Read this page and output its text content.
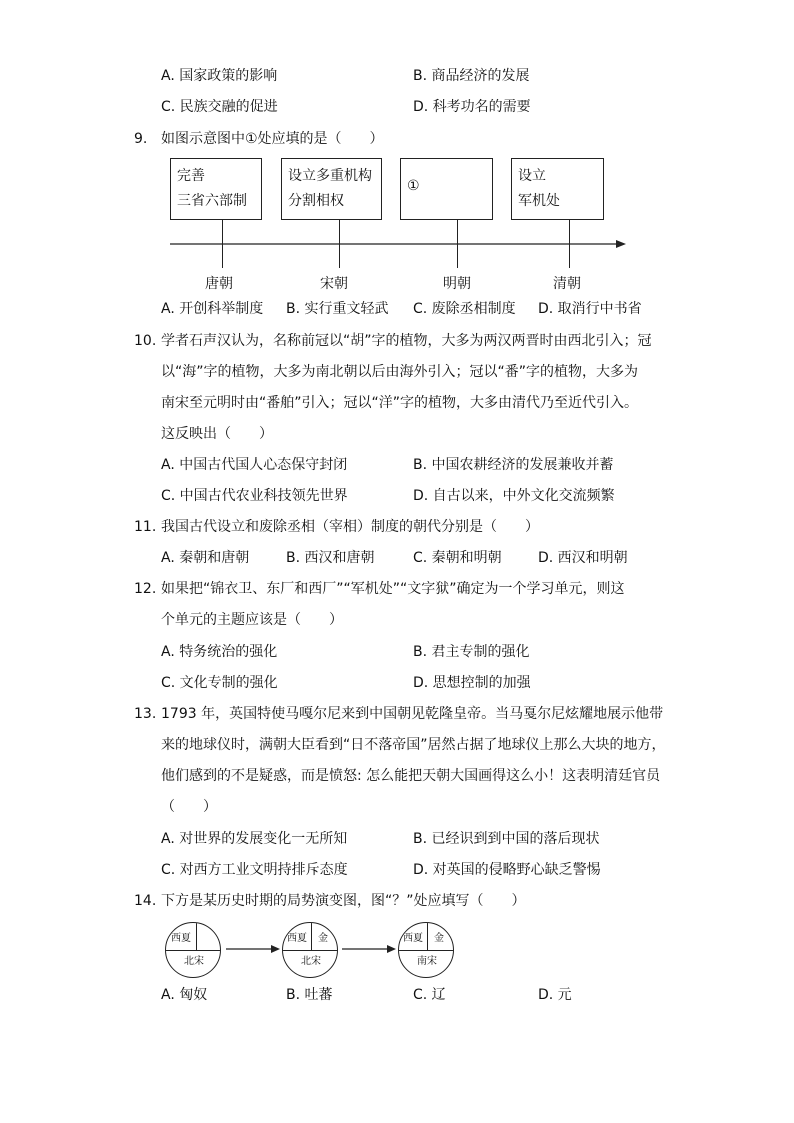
A. 国家政策的影响	B. 商品经济的发展
C. 民族交融的促进	D. 科考功名的需要
9. 如图示意图中①处应填的是（　　）
完善
三省六部制
设立多重机构
分割相权
①
设立
军机处
唐朝	宋朝	明朝	清朝
A. 开创科举制度 B. 实行重文轻武 C. 废除丞相制度 D. 取消行中书省
10. 学者石声汉认为，名称前冠以“胡”字的植物，大多为两汉两晋时由西北引入；冠
以“海”字的植物，大多为南北朝以后由海外引入；冠以“番”字的植物，大多为
南宋至元明时由“番舶”引入；冠以“洋”字的植物，大多由清代乃至近代引入。
这反映出（　　）
A. 中国古代国人心态保守封闭	B. 中国农耕经济的发展兼收并蓄
C. 中国古代农业科技领先世界	D. 自古以来，中外文化交流频繁
11. 我国古代设立和废除丞相（宰相）制度的朝代分别是（　　）
A. 秦朝和唐朝	B. 西汉和唐朝	C. 秦朝和明朝	D. 西汉和明朝
12. 如果把“锦衣卫、东厂和西厂”“军机处”“文字狱”确定为一个学习单元，则这
个单元的主题应该是（　　）
A. 特务统治的强化	B. 君主专制的强化
C. 文化专制的强化	D. 思想控制的加强
13. 1793 年，英国特使马嘎尔尼来到中国朝见乾隆皇帝。当马戛尔尼炫耀地展示他带
来的地球仪时，满朝大臣看到“日不落帝国”居然占据了地球仪上那么大块的地方，
他们感到的不是疑惑，而是愤怒: 怎么能把天朝大国画得这么小！这表明清廷官员
（　　）
A. 对世界的发展变化一无所知	B. 已经识到到中国的落后现状
C. 对西方工业文明持排斥态度	D. 对英国的侵略野心缺乏警惕
14. 下方是某历史时期的局势演变图，图“？”处应填写（　　）
西夏
北宋
西夏 金
北宋
西夏 金
南宋
A. 匈奴	B. 吐蕃	C. 辽	D. 元
